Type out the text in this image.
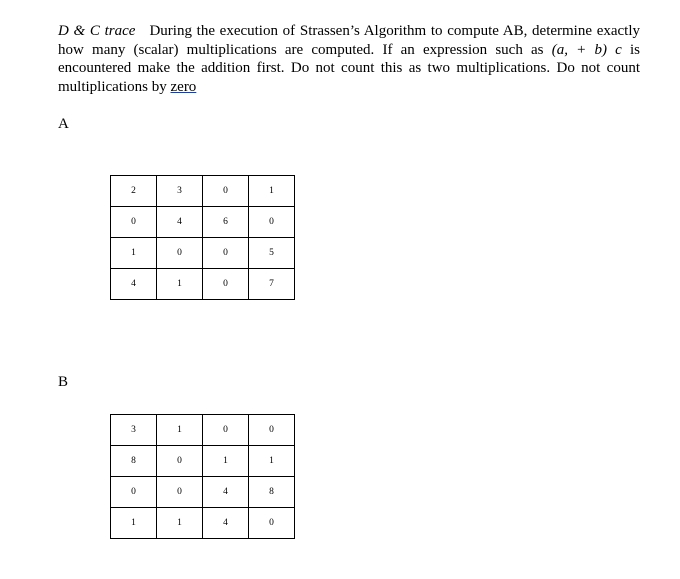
D & C trace During the execution of Strassen’s Algorithm to compute AB, determine exactly how many (scalar) multiplications are computed. If an expression such as (a, + b) c is encountered make the addition first. Do not count this as two multiplications. Do not count multiplications by zero
A
2	3	0	1
0	4	6	0
1	0	0	5
4	1	0	7
B
3	1	0	0
8	0	1	1
0	0	4	8
1	1	4	0
